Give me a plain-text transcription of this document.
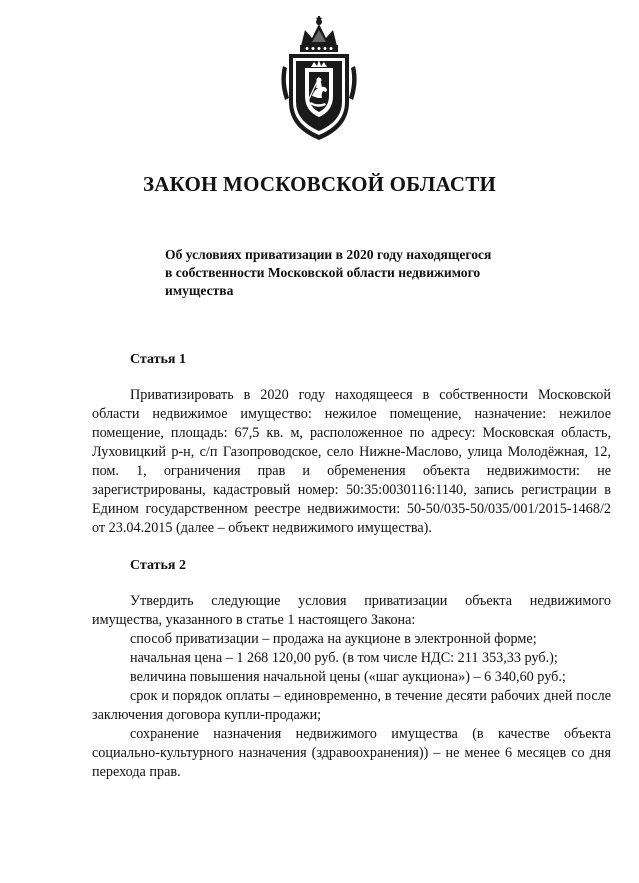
ЗАКОН МОСКОВСКОЙ ОБЛАСТИ
Об условиях приватизации в 2020 году находящегося
в собственности Московской области недвижимого
имущества
Статья 1

Приватизировать в 2020 году находящееся в собственности Московской области недвижимое имущество: нежилое помещение, назначение: нежилое помещение, площадь: 67,5 кв. м, расположенное по адресу: Московская область, Луховицкий р-н, с/п Газопроводское, село Нижне-Маслово, улица Молодёжная, 12, пом. 1, ограничения прав и обременения объекта недвижимости: не зарегистрированы, кадастровый номер: 50:35:0030116:1140, запись регистрации в Едином государственном реестре недвижимости: 50-50/035-50/035/001/2015-1468/2 от 23.04.2015 (далее – объект недвижимого имущества).

Статья 2

Утвердить следующие условия приватизации объекта недвижимого имущества, указанного в статье 1 настоящего Закона:

способ приватизации – продажа на аукционе в электронной форме;

начальная цена – 1 268 120,00 руб. (в том числе НДС: 211 353,33 руб.);

величина повышения начальной цены («шаг аукциона») – 6 340,60 руб.;

срок и порядок оплаты – единовременно, в течение десяти рабочих дней после заключения договора купли-продажи;

сохранение назначения недвижимого имущества (в качестве объекта социально-культурного назначения (здравоохранения)) – не менее 6 месяцев со дня перехода прав.
